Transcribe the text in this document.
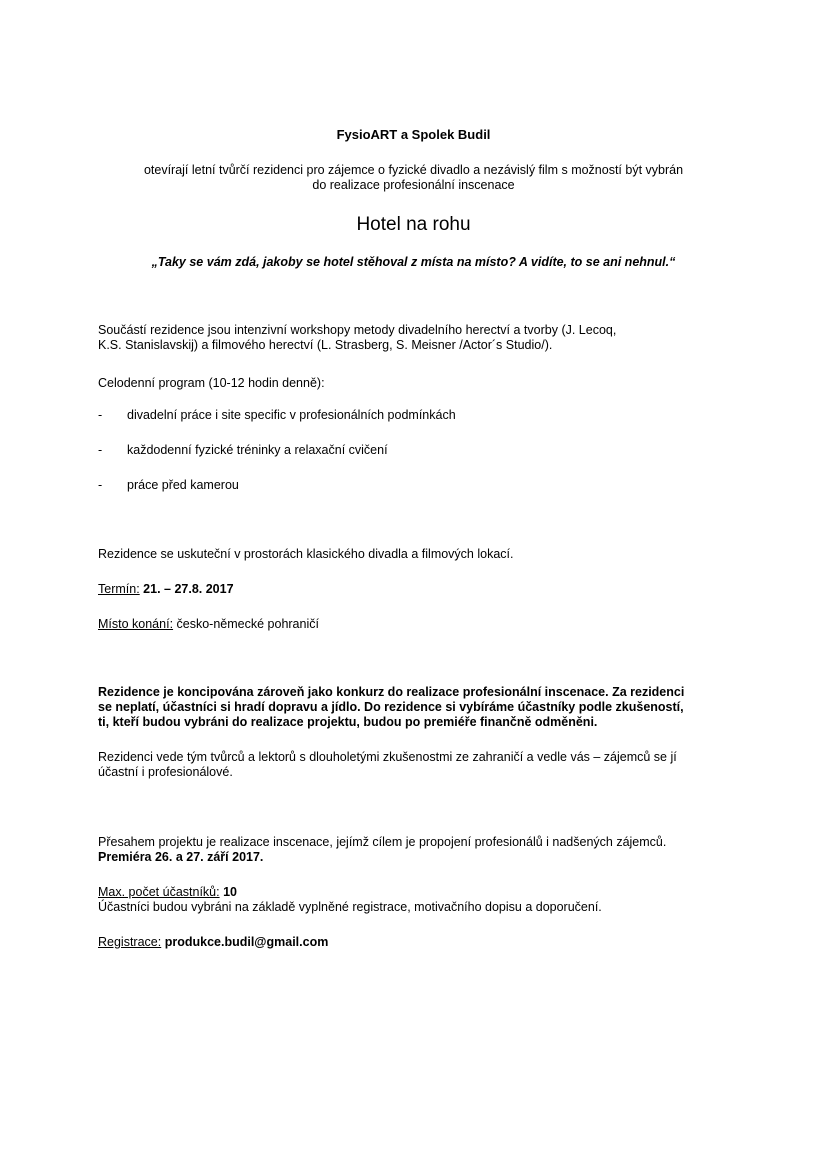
FysioART a Spolek Budil

otevírají letní tvůrčí rezidenci pro zájemce o fyzické divadlo a nezávislý film s možností být vybrán
do realizace profesionální inscenace

Hotel na rohu

„Taky se vám zdá, jakoby se hotel stěhoval z místa na místo? A vidíte, to se ani nehnul.“

Součástí rezidence jsou intenzivní workshopy metody divadelního herectví a tvorby (J. Lecoq,
K.S. Stanislavskij) a filmového herectví (L. Strasberg, S. Meisner /Actor´s Studio/).

Celodenní program (10-12 hodin denně):

- divadelní práce i site specific v profesionálních podmínkách
- každodenní fyzické tréninky a relaxační cvičení
- práce před kamerou

Rezidence se uskuteční v prostorách klasického divadla a filmových lokací.

Termín: 21. – 27.8. 2017

Místo konání: česko-německé pohraničí

Rezidence je koncipována zároveň jako konkurz do realizace profesionální inscenace. Za rezidenci
se neplatí, účastníci si hradí dopravu a jídlo. Do rezidence si vybíráme účastníky podle zkušeností,
ti, kteří budou vybráni do realizace projektu, budou po premiéře finančně odměněni.

Rezidenci vede tým tvůrců a lektorů s dlouholetými zkušenostmi ze zahraničí a vedle vás – zájemců se jí
účastní i profesionálové.

Přesahem projektu je realizace inscenace, jejímž cílem je propojení profesionálů i nadšených zájemců.
Premiéra 26. a 27. září 2017.

Max. počet účastníků: 10
Účastníci budou vybráni na základě vyplněné registrace, motivačního dopisu a doporučení.

Registrace: produkce.budil@gmail.com
